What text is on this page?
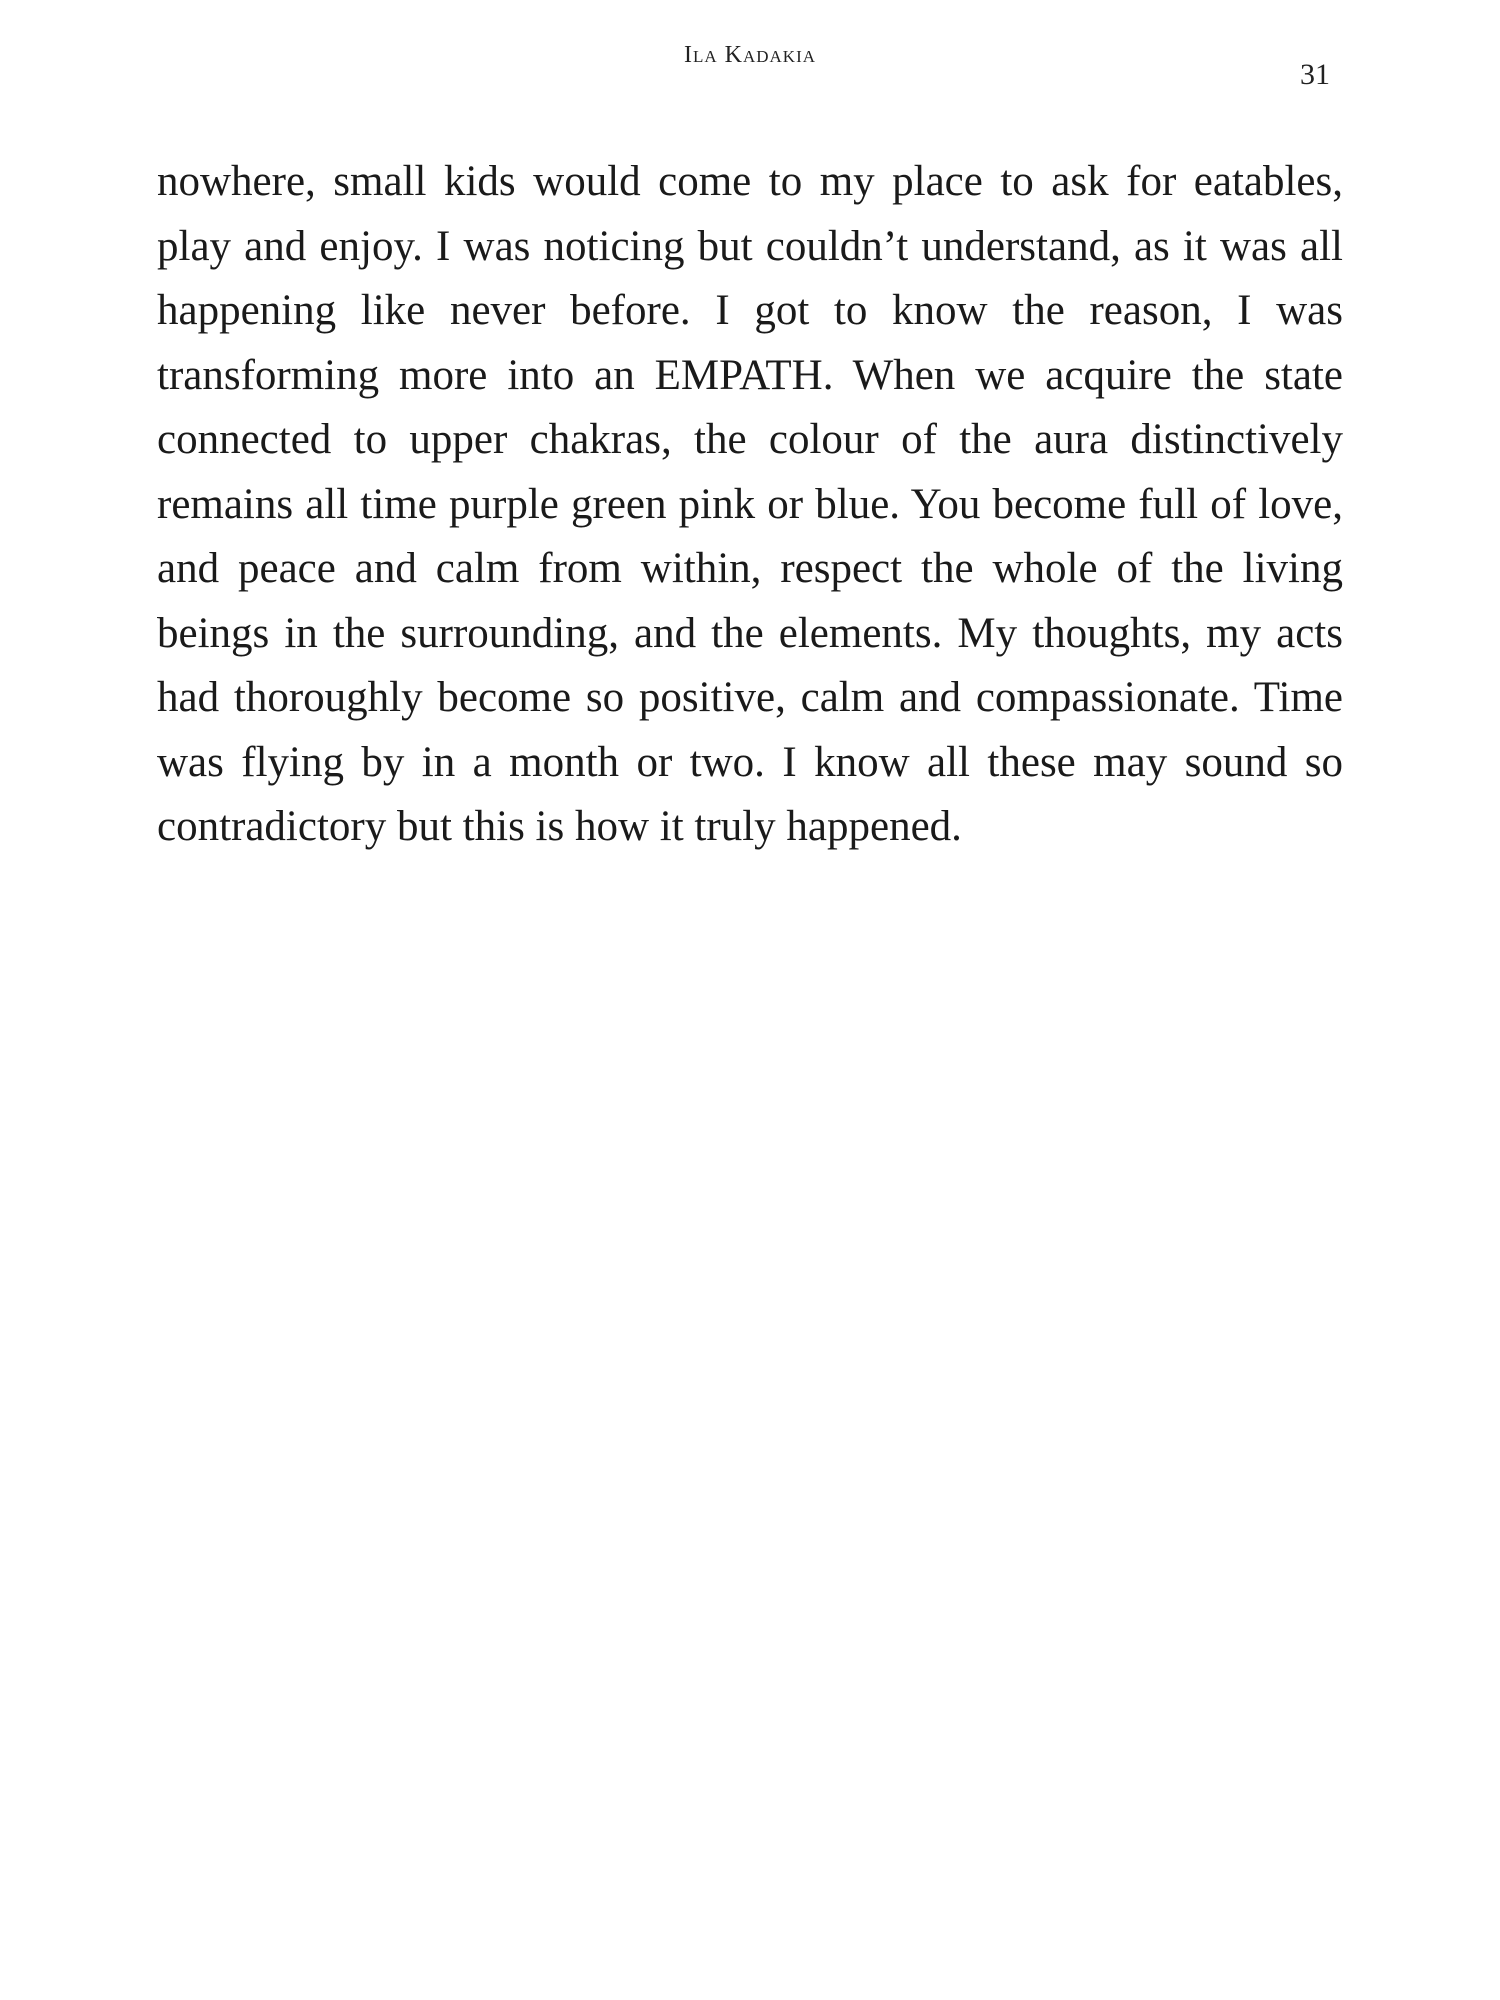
Ila Kadakia
31

nowhere, small kids would come to my place to ask for eatables, play and enjoy. I was noticing but couldn’t understand, as it was all happening like never before. I got to know the reason, I was transforming more into an EMPATH. When we acquire the state connected to upper chakras, the colour of the aura distinctively remains all time purple green pink or blue. You become full of love, and peace and calm from within, respect the whole of the living beings in the surrounding, and the elements. My thoughts, my acts had thoroughly become so positive, calm and compassionate. Time was flying by in a month or two. I know all these may sound so contradictory but this is how it truly happened.
